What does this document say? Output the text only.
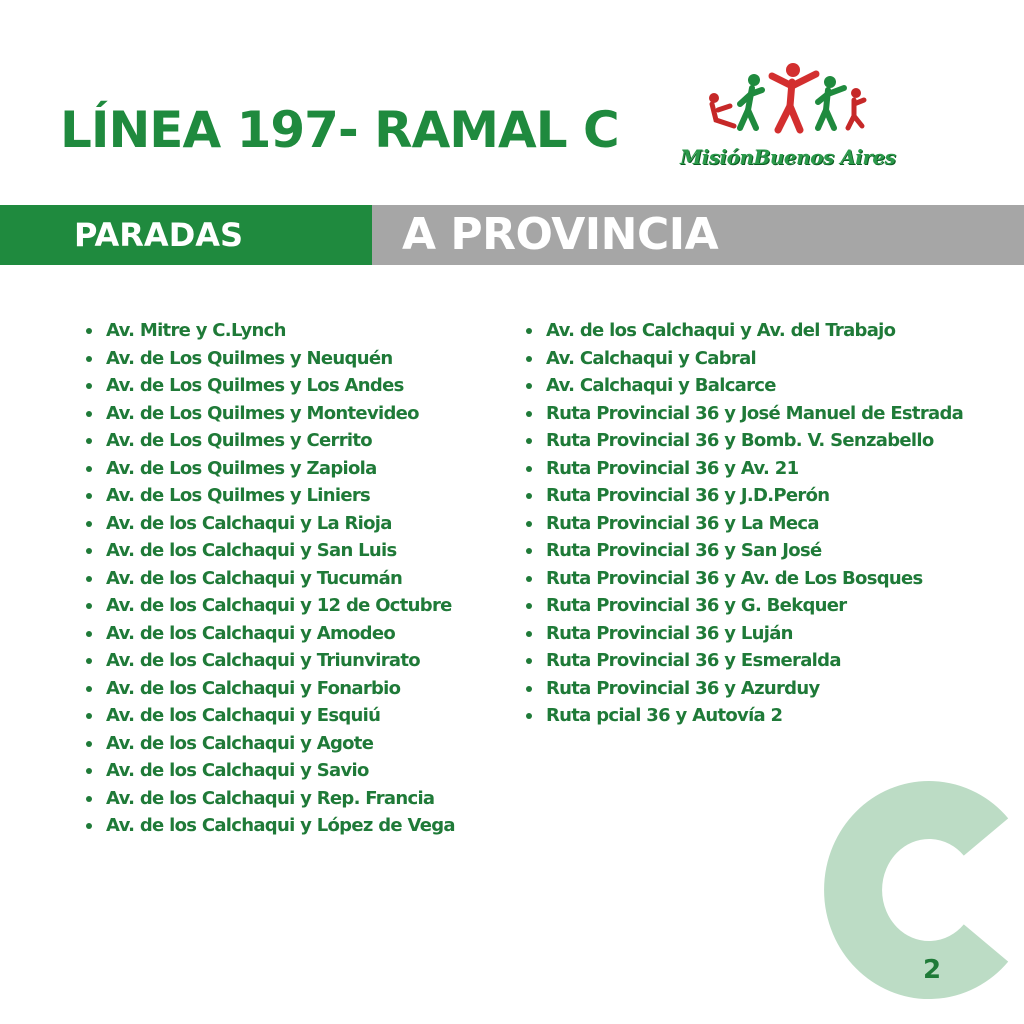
LÍNEA 197- RAMAL C	MisiónBuenos Aires
PARADAS	A PROVINCIA
Av. Mitre y C.Lynch
Av. de Los Quilmes y Neuquén
Av. de Los Quilmes y Los Andes
Av. de Los Quilmes y Montevideo
Av. de Los Quilmes y Cerrito
Av. de Los Quilmes y Zapiola
Av. de Los Quilmes y Liniers
Av. de los Calchaqui y La Rioja
Av. de los Calchaqui y San Luis
Av. de los Calchaqui y Tucumán
Av. de los Calchaqui y 12 de Octubre
Av. de los Calchaqui y Amodeo
Av. de los Calchaqui y Triunvirato
Av. de los Calchaqui y Fonarbio
Av. de los Calchaqui y Esquiú
Av. de los Calchaqui y Agote
Av. de los Calchaqui y Savio
Av. de los Calchaqui y Rep. Francia
Av. de los Calchaqui y López de Vega
Av. de los Calchaqui y Av. del Trabajo
Av. Calchaqui y Cabral
Av. Calchaqui y Balcarce
Ruta Provincial 36 y José Manuel de Estrada
Ruta Provincial 36 y Bomb. V. Senzabello
Ruta Provincial 36 y Av. 21
Ruta Provincial 36 y J.D.Perón
Ruta Provincial 36 y La Meca
Ruta Provincial 36 y San José
Ruta Provincial 36 y Av. de Los Bosques
Ruta Provincial 36 y G. Bekquer
Ruta Provincial 36 y Luján
Ruta Provincial 36 y Esmeralda
Ruta Provincial 36 y Azurduy
Ruta pcial 36 y Autovía 2
2
